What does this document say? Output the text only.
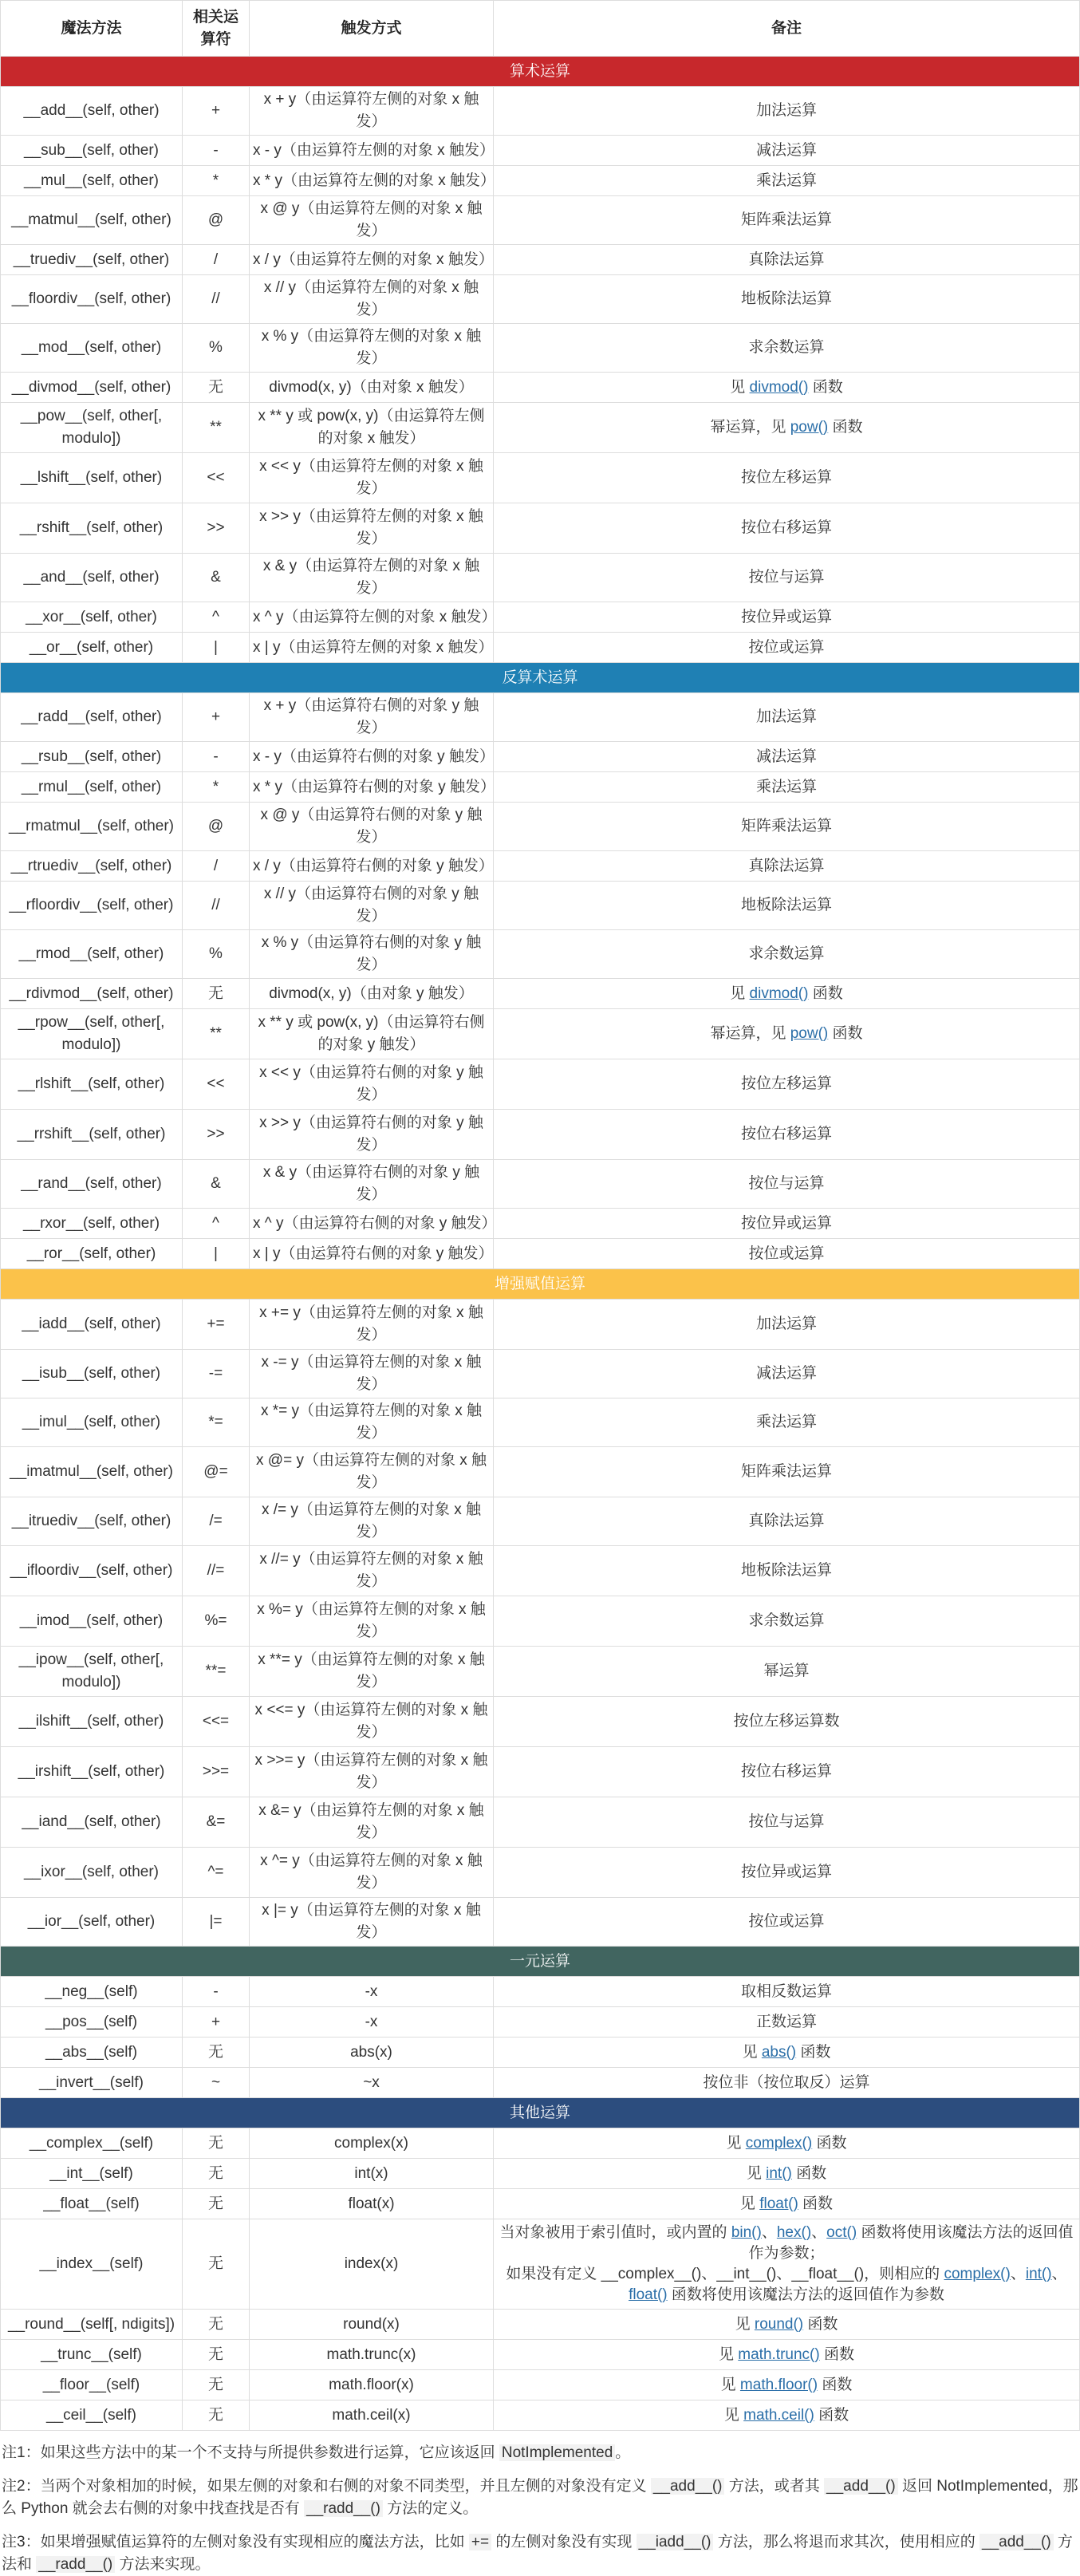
魔法方法	相关运算符	触发方式	备注
算术运算			
__add__(self, other)	+	x + y（由运算符左侧的对象 x 触发）	加法运算
__sub__(self, other)	-	x - y（由运算符左侧的对象 x 触发）	减法运算
__mul__(self, other)	*	x * y（由运算符左侧的对象 x 触发）	乘法运算
__matmul__(self, other)	@	x @ y（由运算符左侧的对象 x 触发）	矩阵乘法运算
__truediv__(self, other)	/	x / y（由运算符左侧的对象 x 触发）	真除法运算
__floordiv__(self, other)	//	x // y（由运算符左侧的对象 x 触发）	地板除法运算
__mod__(self, other)	%	x % y（由运算符左侧的对象 x 触发）	求余数运算
__divmod__(self, other)	无	divmod(x, y)（由对象 x 触发）	见 divmod() 函数
__pow__(self, other[, modulo])	**	x ** y 或 pow(x, y)（由运算符左侧的对象 x 触发）	幂运算，见 pow() 函数
__lshift__(self, other)	<<	x << y（由运算符左侧的对象 x 触发）	按位左移运算
__rshift__(self, other)	>>	x >> y（由运算符左侧的对象 x 触发）	按位右移运算
__and__(self, other)	&	x & y（由运算符左侧的对象 x 触发）	按位与运算
__xor__(self, other)	^	x ^ y（由运算符左侧的对象 x 触发）	按位异或运算
__or__(self, other)	|	x | y（由运算符左侧的对象 x 触发）	按位或运算
反算术运算			
__radd__(self, other)	+	x + y（由运算符右侧的对象 y 触发）	加法运算
__rsub__(self, other)	-	x - y（由运算符右侧的对象 y 触发）	减法运算
__rmul__(self, other)	*	x * y（由运算符右侧的对象 y 触发）	乘法运算
__rmatmul__(self, other)	@	x @ y（由运算符右侧的对象 y 触发）	矩阵乘法运算
__rtruediv__(self, other)	/	x / y（由运算符右侧的对象 y 触发）	真除法运算
__rfloordiv__(self, other)	//	x // y（由运算符右侧的对象 y 触发）	地板除法运算
__rmod__(self, other)	%	x % y（由运算符右侧的对象 y 触发）	求余数运算
__rdivmod__(self, other)	无	divmod(x, y)（由对象 y 触发）	见 divmod() 函数
__rpow__(self, other[, modulo])	**	x ** y 或 pow(x, y)（由运算符右侧的对象 y 触发）	幂运算，见 pow() 函数
__rlshift__(self, other)	<<	x << y（由运算符右侧的对象 y 触发）	按位左移运算
__rrshift__(self, other)	>>	x >> y（由运算符右侧的对象 y 触发）	按位右移运算
__rand__(self, other)	&	x & y（由运算符右侧的对象 y 触发）	按位与运算
__rxor__(self, other)	^	x ^ y（由运算符右侧的对象 y 触发）	按位异或运算
__ror__(self, other)	|	x | y（由运算符右侧的对象 y 触发）	按位或运算
增强赋值运算			
__iadd__(self, other)	+=	x += y（由运算符左侧的对象 x 触发）	加法运算
__isub__(self, other)	-=	x -= y（由运算符左侧的对象 x 触发）	减法运算
__imul__(self, other)	*=	x *= y（由运算符左侧的对象 x 触发）	乘法运算
__imatmul__(self, other)	@=	x @= y（由运算符左侧的对象 x 触发）	矩阵乘法运算
__itruediv__(self, other)	/=	x /= y（由运算符左侧的对象 x 触发）	真除法运算
__ifloordiv__(self, other)	//=	x //= y（由运算符左侧的对象 x 触发）	地板除法运算
__imod__(self, other)	%=	x %= y（由运算符左侧的对象 x 触发）	求余数运算
__ipow__(self, other[, modulo])	**=	x **= y（由运算符左侧的对象 x 触发）	幂运算
__ilshift__(self, other)	<<=	x <<= y（由运算符左侧的对象 x 触发）	按位左移运算数
__irshift__(self, other)	>>=	x >>= y（由运算符左侧的对象 x 触发）	按位右移运算
__iand__(self, other)	&=	x &= y（由运算符左侧的对象 x 触发）	按位与运算
__ixor__(self, other)	^=	x ^= y（由运算符左侧的对象 x 触发）	按位异或运算
__ior__(self, other)	|=	x |= y（由运算符左侧的对象 x 触发）	按位或运算
一元运算			
__neg__(self)	-	-x	取相反数运算
__pos__(self)	+	-x	正数运算
__abs__(self)	无	abs(x)	见 abs() 函数
__invert__(self)	~	~x	按位非（按位取反）运算
其他运算			
__complex__(self)	无	complex(x)	见 complex() 函数
__int__(self)	无	int(x)	见 int() 函数
__float__(self)	无	float(x)	见 float() 函数
__index__(self)	无	index(x)	当对象被用于索引值时，或内置的 bin()、hex()、oct() 函数将使用该魔法方法的返回值作为参数；
如果没有定义 __complex__()、__int__()、__float__()，则相应的 complex()、int()、float() 函数将使用该魔法方法的返回值作为参数
__round__(self[, ndigits])	无	round(x)	见 round() 函数
__trunc__(self)	无	math.trunc(x)	见 math.trunc() 函数
__floor__(self)	无	math.floor(x)	见 math.floor() 函数
__ceil__(self)	无	math.ceil(x)	见 math.ceil() 函数

注1：如果这些方法中的某一个不支持与所提供参数进行运算，它应该返回 NotImplemented 。

注2：当两个对象相加的时候，如果左侧的对象和右侧的对象不同类型，并且左侧的对象没有定义 __add__() 方法，或者其 __add__() 返回 NotImplemented，那么 Python 就会去右侧的对象中找查找是否有 __radd__() 方法的定义。

注3：如果增强赋值运算符的左侧对象没有实现相应的魔法方法，比如 += 的左侧对象没有实现 __iadd__() 方法，那么将退而求其次，使用相应的 __add__() 方法和 __radd__() 方法来实现。
